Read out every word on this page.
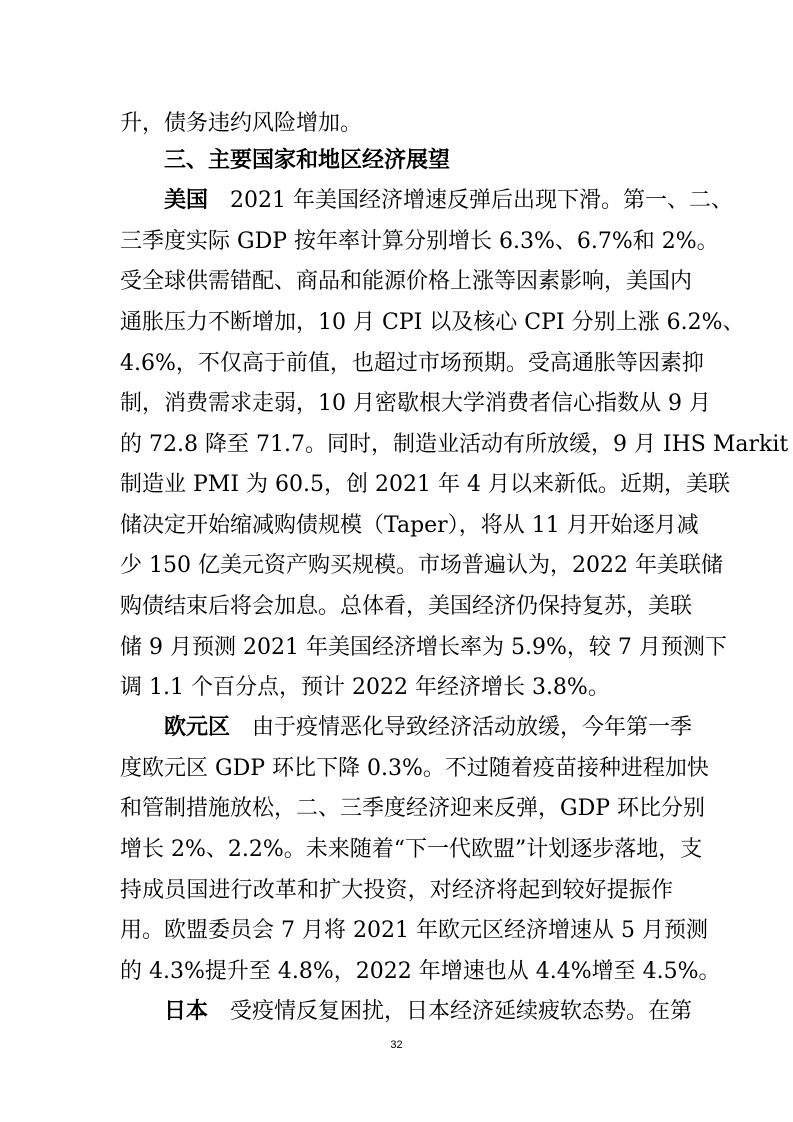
升，债务违约风险增加。
三、主要国家和地区经济展望
美国 2021 年美国经济增速反弹后出现下滑。第一、二、
三季度实际 GDP 按年率计算分别增长 6.3%、6.7%和 2%。
受全球供需错配、商品和能源价格上涨等因素影响，美国内
通胀压力不断增加，10 月 CPI 以及核心 CPI 分别上涨 6.2%、
4.6%，不仅高于前值，也超过市场预期。受高通胀等因素抑
制，消费需求走弱，10 月密歇根大学消费者信心指数从 9 月
的 72.8 降至 71.7。同时，制造业活动有所放缓，9 月 IHS Markit
制造业 PMI 为 60.5，创 2021 年 4 月以来新低。近期，美联
储决定开始缩减购债规模（Taper），将从 11 月开始逐月减
少 150 亿美元资产购买规模。市场普遍认为，2022 年美联储
购债结束后将会加息。总体看，美国经济仍保持复苏，美联
储 9 月预测 2021 年美国经济增长率为 5.9%，较 7 月预测下
调 1.1 个百分点，预计 2022 年经济增长 3.8%。
欧元区 由于疫情恶化导致经济活动放缓，今年第一季
度欧元区 GDP 环比下降 0.3%。不过随着疫苗接种进程加快
和管制措施放松，二、三季度经济迎来反弹，GDP 环比分别
增长 2%、2.2%。未来随着“下一代欧盟”计划逐步落地，支
持成员国进行改革和扩大投资，对经济将起到较好提振作
用。欧盟委员会 7 月将 2021 年欧元区经济增速从 5 月预测
的 4.3%提升至 4.8%，2022 年增速也从 4.4%增至 4.5%。
日本 受疫情反复困扰，日本经济延续疲软态势。在第
32
